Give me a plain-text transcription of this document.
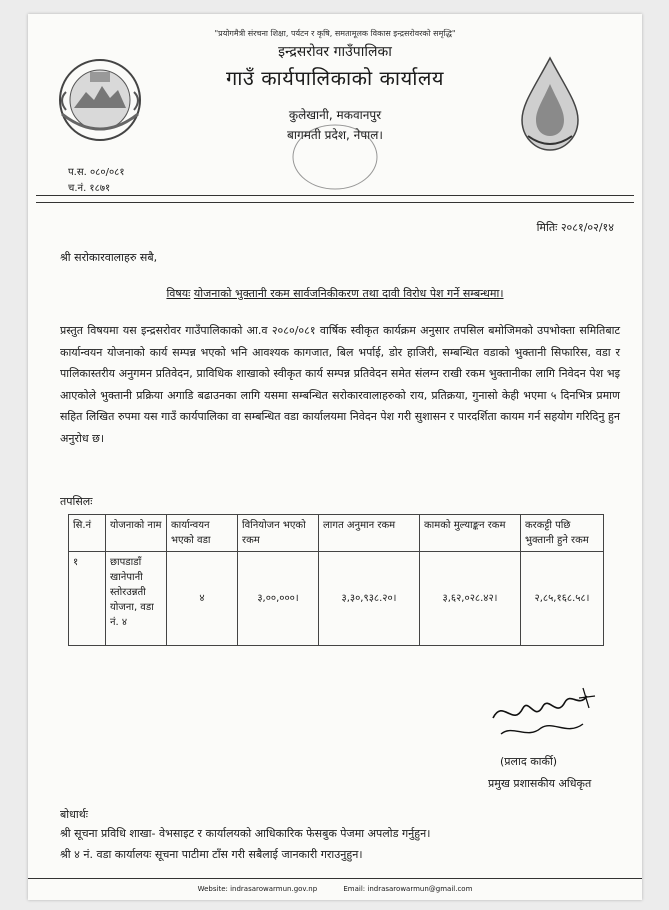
"प्रयोगमैत्री संरचना शिक्षा, पर्यटन र कृषि, समतामूलक विकास इन्द्रसरोवरको समृद्धि"
इन्द्रसरोवर गाउँपालिका
गाउँ कार्यपालिकाको कार्यालय
कुलेखानी, मकवानपुर
बागमती प्रदेश, नेपाल।
प.स. ०८०/०८१
च.नं. १८७१
मितिः २०८१/०२/१४
श्री सरोकारवालाहरु सबै,
विषयः योजनाको भुक्तानी रकम सार्वजनिकीकरण तथा दावी विरोध पेश गर्ने सम्बन्धमा।
प्रस्तुत विषयमा यस इन्द्रसरोवर गाउँपालिकाको आ.व २०८०/०८१ वार्षिक स्वीकृत कार्यक्रम अनुसार तपसिल बमोजिमको उपभोक्ता समितिबाट कार्यान्वयन योजनाको कार्य सम्पन्न भएको भनि आवश्यक कागजात, बिल भर्पाई, डोर हाजिरी, सम्बन्धित वडाको भुक्तानी सिफारिस, वडा र पालिकास्तरीय अनुगमन प्रतिवेदन, प्राविधिक शाखाको स्वीकृत कार्य सम्पन्न प्रतिवेदन समेत संलग्न राखी रकम भुक्तानीका लागि निवेदन पेश भइ आएकोले भुक्तानी प्रक्रिया अगाडि बढाउनका लागि यसमा सम्बन्धित सरोकारवालाहरुको राय, प्रतिक्रया, गुनासो केही भएमा ५ दिनभित्र प्रमाण सहित लिखित रुपमा यस गाउँ कार्यपालिका वा सम्बन्धित वडा कार्यालयमा निवेदन पेश गरी सुशासन र पारदर्शिता कायम गर्न सहयोग गरिदिनु हुन अनुरोध छ।
तपसिलः
सि.नं	योजनाको नाम	कार्यान्वयन भएको वडा	विनियोजन भएको रकम	लागत अनुमान रकम	कामको मुल्याङ्कन रकम	करकट्टी पछि भुक्तानी हुने रकम
१	छापडाडाँ खानेपानी स्तोरउन्नती योजना, वडा नं. ४	४	३,००,०००।	३,३०,९३८.२०।	३,६२,०२८.४२।	२,८५,१६८.५८।
(प्रलाद कार्की)
प्रमुख प्रशासकीय अधिकृत
बोधार्थः
श्री सूचना प्रविधि शाखा- वेभसाइट र कार्यालयको आधिकारिक फेसबुक पेजमा अपलोड गर्नुहुन।
श्री ४ नं. वडा कार्यालयः सूचना पाटीमा टाँस गरी सबैलाई जानकारी गराउनुहुन।
Website: indrasarowarmun.gov.np	Email: indrasarowarmun@gmail.com
